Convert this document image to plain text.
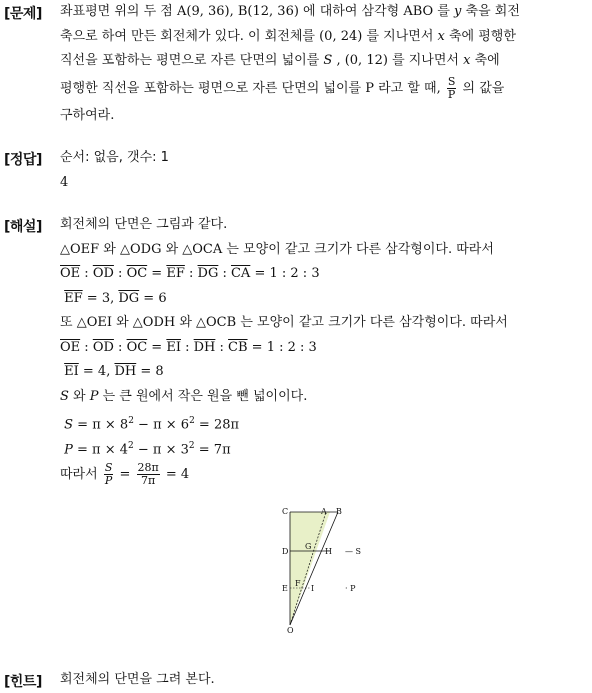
[문제] 좌표평면 위의 두 점 A(9, 36), B(12, 36) 에 대하여 삼각형 ABO 를 y 축을 회전
축으로 하여 만든 회전체가 있다. 이 회전체를 (0, 24) 를 지나면서 x 축에 평행한
직선을 포함하는 평면으로 자른 단면의 넓이를 S , (0, 12) 를 지나면서 x 축에
평행한 직선을 포함하는 평면으로 자른 단면의 넓이를 P 라고 할 때, $\frac{S}{P}$ 의 값을
구하여라.
[정답] 순서: 없음, 갯수: 1
4
[해설] 회전체의 단면은 그림과 같다.
△OEF 와 △ODG 와 △OCA 는 모양이 같고 크기가 다른 삼각형이다. 따라서
$\overline{OE}$ : $\overline{OD}$ : $\overline{OC} = \overline{EF}$ : $\overline{DG}$ : $\overline{CA} = 1$ : 2 : 3
$\overline{EF} = 3$, $\overline{DG} = 6$
또 △OEI 와 △ODH 와 △OCB 는 모양이 같고 크기가 다른 삼각형이다. 따라서
$\overline{OE}$ : $\overline{OD}$ : $\overline{OC} = \overline{EI}$ : $\overline{DH}$ : $\overline{CB} = 1$ : 2 : 3
$\overline{EI} = 4$, $\overline{DH} = 8$
S 와 P 는 큰 원에서 작은 원을 뺀 넓이이다.
$S = \pi \times 8^2 - \pi \times 6^2 = 28\pi$
$P = \pi \times 4^2 - \pi \times 3^2 = 7\pi$
따라서 $\frac{S}{P} = \frac{28\pi}{7\pi} = 4$
C	A B
D
G
H
E
F
I
O
— S
· P
[힌트] 회전체의 단면을 그려 본다.
